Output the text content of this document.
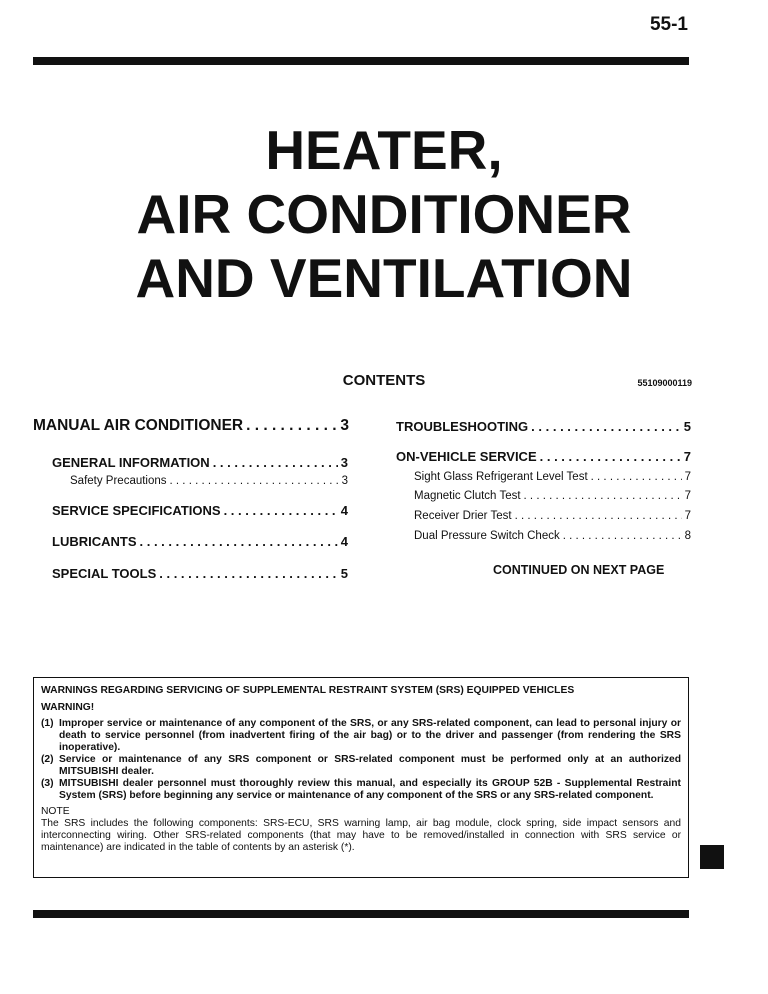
55-1
HEATER,
AIR CONDITIONER
AND VENTILATION
CONTENTS	55109000119
MANUAL AIR CONDITIONER . . .	3
GENERAL INFORMATION . . .	3
Safety Precautions . . .	3
SERVICE SPECIFICATIONS . . .	4
LUBRICANTS . . .	4
SPECIAL TOOLS . . .	5
TROUBLESHOOTING . . .	5
ON-VEHICLE SERVICE . . .	7
Sight Glass Refrigerant Level Test . . .	7
Magnetic Clutch Test . . .	7
Receiver Drier Test . . .	7
Dual Pressure Switch Check . . .	8
CONTINUED ON NEXT PAGE
WARNINGS REGARDING SERVICING OF SUPPLEMENTAL RESTRAINT SYSTEM (SRS) EQUIPPED VEHICLES
WARNING!
(1) Improper service or maintenance of any component of the SRS, or any SRS-related component, can lead to personal injury or death to service personnel (from inadvertent firing of the air bag) or to the driver and passenger (from rendering the SRS inoperative).
(2) Service or maintenance of any SRS component or SRS-related component must be performed only at an authorized MITSUBISHI dealer.
(3) MITSUBISHI dealer personnel must thoroughly review this manual, and especially its GROUP 52B - Supplemental Restraint System (SRS) before beginning any service or maintenance of any component of the SRS or any SRS-related component.
NOTE
The SRS includes the following components: SRS-ECU, SRS warning lamp, air bag module, clock spring, side impact sensors and interconnecting wiring. Other SRS-related components (that may have to be removed/installed in connection with SRS service or maintenance) are indicated in the table of contents by an asterisk (*).
